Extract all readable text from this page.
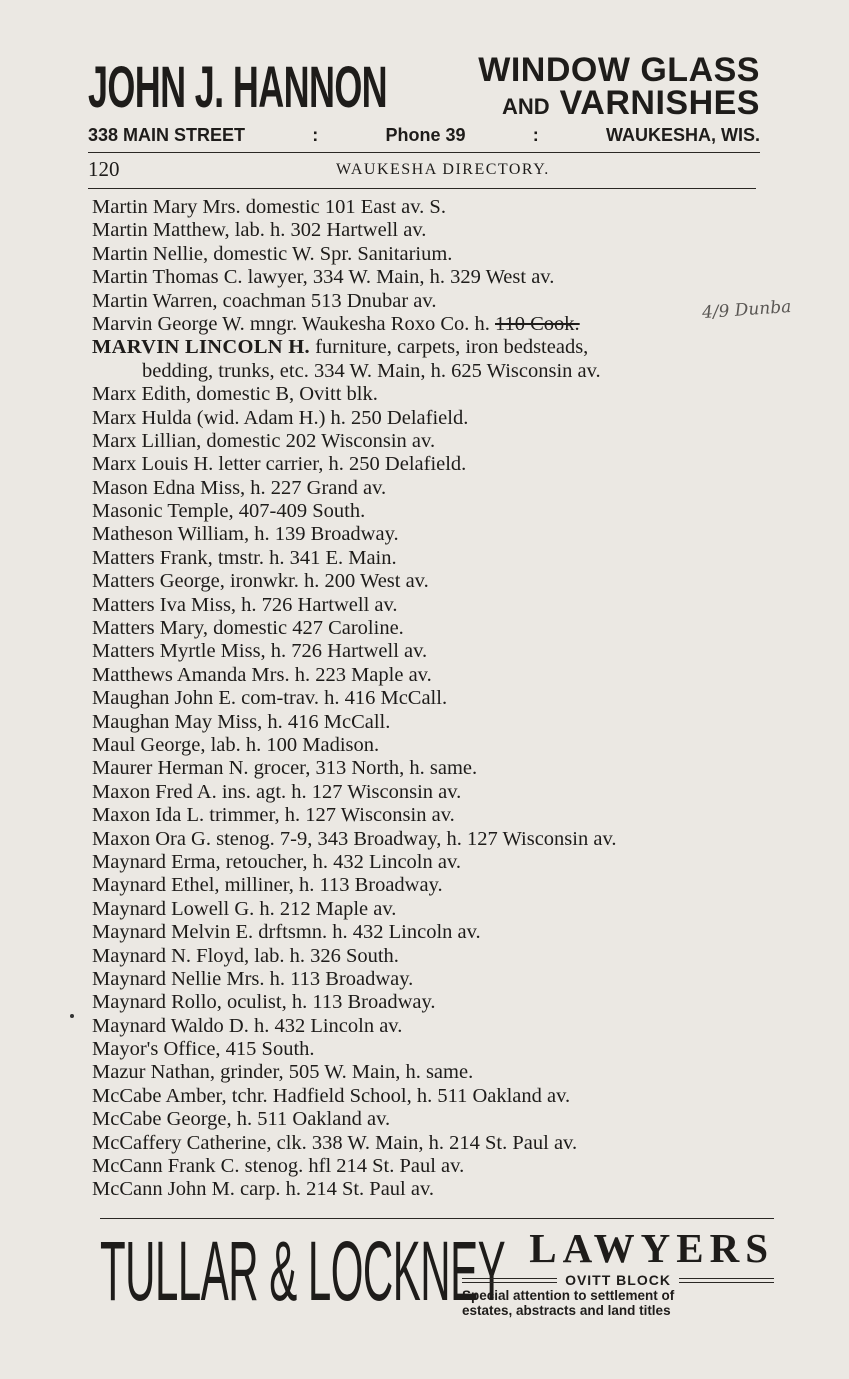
JOHN J. HANNON	WINDOW GLASS
AND VARNISHES
338 MAIN STREET	:	Phone 39	:	WAUKESHA, WIS.
120	WAUKESHA DIRECTORY.
Martin Mary Mrs. domestic 101 East av. S.
Martin Matthew, lab. h. 302 Hartwell av.
Martin Nellie, domestic W. Spr. Sanitarium.
Martin Thomas C. lawyer, 334 W. Main, h. 329 West av.
Martin Warren, coachman 513 Dnubar av.
Marvin George W. mngr. Waukesha Roxo Co. h. 110 Cook.
MARVIN LINCOLN H. furniture, carpets, iron bedsteads,
bedding, trunks, etc. 334 W. Main, h. 625 Wisconsin av.
Marx Edith, domestic B, Ovitt blk.
Marx Hulda (wid. Adam H.) h. 250 Delafield.
Marx Lillian, domestic 202 Wisconsin av.
Marx Louis H. letter carrier, h. 250 Delafield.
Mason Edna Miss, h. 227 Grand av.
Masonic Temple, 407-409 South.
Matheson William, h. 139 Broadway.
Matters Frank, tmstr. h. 341 E. Main.
Matters George, ironwkr. h. 200 West av.
Matters Iva Miss, h. 726 Hartwell av.
Matters Mary, domestic 427 Caroline.
Matters Myrtle Miss, h. 726 Hartwell av.
Matthews Amanda Mrs. h. 223 Maple av.
Maughan John E. com-trav. h. 416 McCall.
Maughan May Miss, h. 416 McCall.
Maul George, lab. h. 100 Madison.
Maurer Herman N. grocer, 313 North, h. same.
Maxon Fred A. ins. agt. h. 127 Wisconsin av.
Maxon Ida L. trimmer, h. 127 Wisconsin av.
Maxon Ora G. stenog. 7-9, 343 Broadway, h. 127 Wisconsin av.
Maynard Erma, retoucher, h. 432 Lincoln av.
Maynard Ethel, milliner, h. 113 Broadway.
Maynard Lowell G. h. 212 Maple av.
Maynard Melvin E. drftsmn. h. 432 Lincoln av.
Maynard N. Floyd, lab. h. 326 South.
Maynard Nellie Mrs. h. 113 Broadway.
Maynard Rollo, oculist, h. 113 Broadway.
Maynard Waldo D. h. 432 Lincoln av.
Mayor's Office, 415 South.
Mazur Nathan, grinder, 505 W. Main, h. same.
McCabe Amber, tchr. Hadfield School, h. 511 Oakland av.
McCabe George, h. 511 Oakland av.
McCaffery Catherine, clk. 338 W. Main, h. 214 St. Paul av.
McCann Frank C. stenog. hfl 214 St. Paul av.
McCann John M. carp. h. 214 St. Paul av.
4/9 Dunba
TULLAR & LOCKNEY LAWYERS
OVITT BLOCK
Special attention to settlement of
estates, abstracts and land titles
